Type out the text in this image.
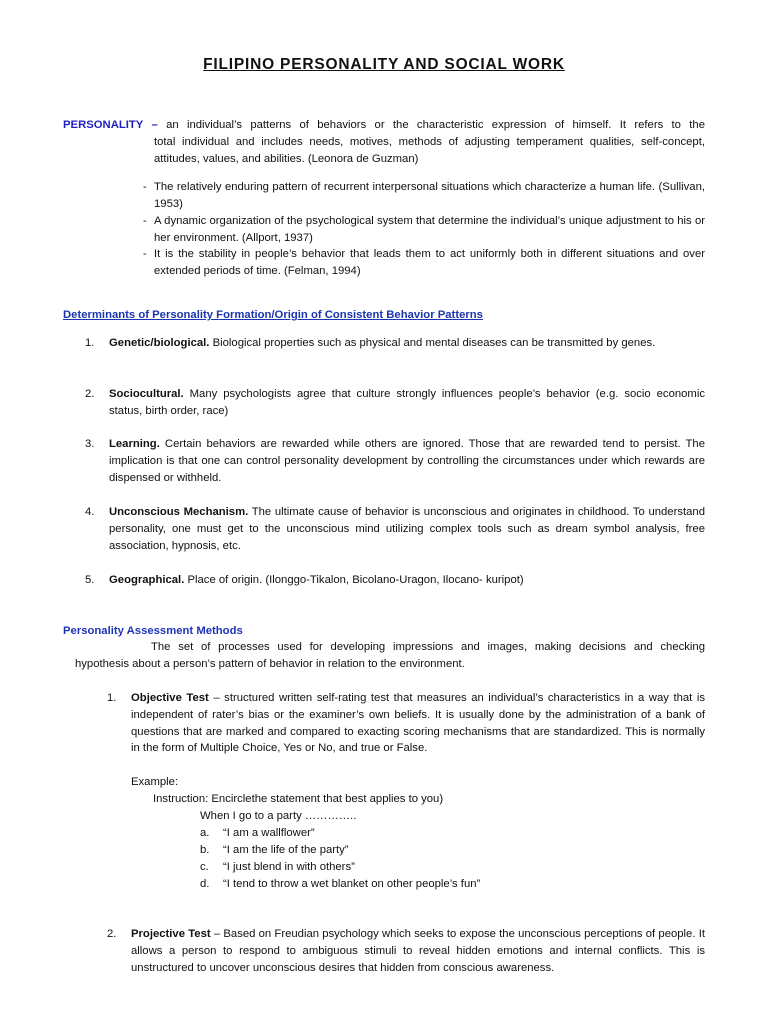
FILIPINO PERSONALITY AND SOCIAL WORK
PERSONALITY – an individual’s patterns of behaviors or the characteristic expression of himself. It refers to the
total individual and includes needs, motives, methods of adjusting temperament qualities, self-concept, attitudes, values, and abilities. (Leonora de Guzman)
- The relatively enduring pattern of recurrent interpersonal situations which characterize a human life. (Sullivan, 1953)
- A dynamic organization of the psychological system that determine the individual’s unique adjustment to his or her environment. (Allport, 1937)
- It is the stability in people’s behavior that leads them to act uniformly both in different situations and over extended periods of time. (Felman, 1994)
Determinants of Personality Formation/Origin of Consistent Behavior Patterns
1.	Genetic/biological. Biological properties such as physical and mental diseases can be transmitted by genes.
2.	Sociocultural. Many psychologists agree that culture strongly influences people’s behavior (e.g. socio economic status, birth order, race)
3.	Learning. Certain behaviors are rewarded while others are ignored. Those that are rewarded tend to persist. The implication is that one can control personality development by controlling the circumstances under which rewards are dispensed or withheld.
4.	Unconscious Mechanism. The ultimate cause of behavior is unconscious and originates in childhood. To understand personality, one must get to the unconscious mind utilizing complex tools such as dream symbol analysis, free association, hypnosis, etc.
5.	Geographical. Place of origin. (Ilonggo-Tikalon, Bicolano-Uragon, Ilocano- kuripot)
Personality Assessment Methods
The set of processes used for developing impressions and images, making decisions and checking
hypothesis about a person’s pattern of behavior in relation to the environment.
1.	Objective Test – structured written self-rating test that measures an individual’s characteristics in a way that is independent of rater’s bias or the examiner’s own beliefs. It is usually done by the administration of a bank of questions that are marked and compared to exacting scoring mechanisms that are standardized. This is normally in the form of Multiple Choice, Yes or No, and true or False.
Example:
Instruction: Encirclethe statement that best applies to you)
When I go to a party …………..
a. “I am a wallflower”
b. “I am the life of the party”
c. “I just blend in with others”
d. “I tend to throw a wet blanket on other people’s fun”
2.	Projective Test – Based on Freudian psychology which seeks to expose the unconscious perceptions of people. It allows a person to respond to ambiguous stimuli to reveal hidden emotions and internal conflicts. This is unstructured to uncover unconscious desires that hidden from conscious awareness.
